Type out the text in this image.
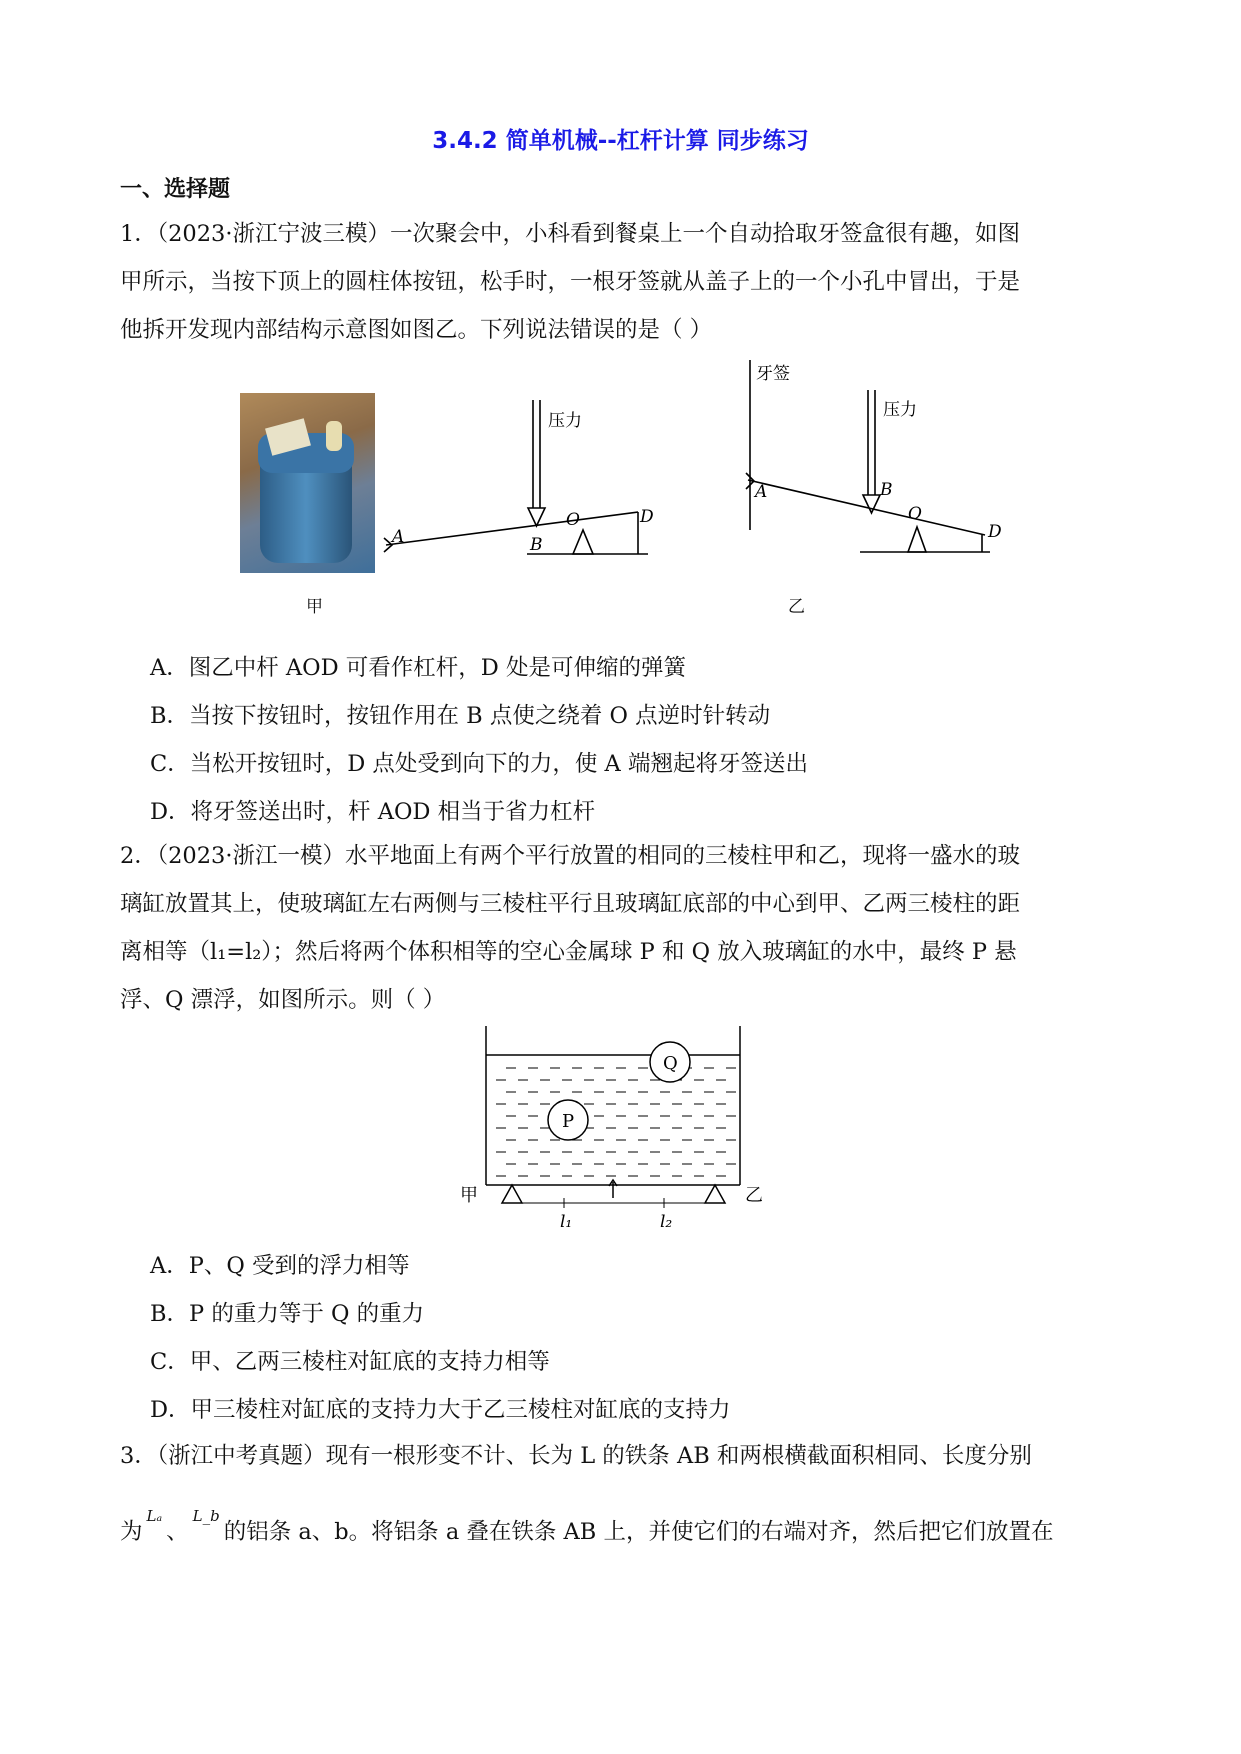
3.4.2 简单机械--杠杆计算 同步练习
一、选择题
1．（2023·浙江宁波三模）一次聚会中，小科看到餐桌上一个自动拾取牙签盒很有趣，如图
甲所示，当按下顶上的圆柱体按钮，松手时，一根牙签就从盖子上的一个小孔中冒出，于是
他拆开发现内部结构示意图如图乙。下列说法错误的是（ ）
A	B
O	D
压力
牙签
压力
A	B
O
D
甲	乙
A．图乙中杆 AOD 可看作杠杆，D 处是可伸缩的弹簧
B．当按下按钮时，按钮作用在 B 点使之绕着 O 点逆时针转动
C．当松开按钮时，D 点处受到向下的力，使 A 端翘起将牙签送出
D．将牙签送出时，杆 AOD 相当于省力杠杆
2．（2023·浙江一模）水平地面上有两个平行放置的相同的三棱柱甲和乙，现将一盛水的玻
璃缸放置其上，使玻璃缸左右两侧与三棱柱平行且玻璃缸底部的中心到甲、乙两三棱柱的距
离相等（l₁=l₂）；然后将两个体积相等的空心金属球 P 和 Q 放入玻璃缸的水中，最终 P 悬
浮、Q 漂浮，如图所示。则（ ）
P
Q
甲	乙
l₁	l₂
A．P、Q 受到的浮力相等
B．P 的重力等于 Q 的重力
C．甲、乙两三棱柱对缸底的支持力相等
D．甲三棱柱对缸底的支持力大于乙三棱柱对缸底的支持力
3．（浙江中考真题）现有一根形变不计、长为 L 的铁条 AB 和两根横截面积相同、长度分别
为$^{L_a}$、$^{L\_b}$的铝条 a、b。将铝条 a 叠在铁条 AB 上，并使它们的右端对齐，然后把它们放置在
